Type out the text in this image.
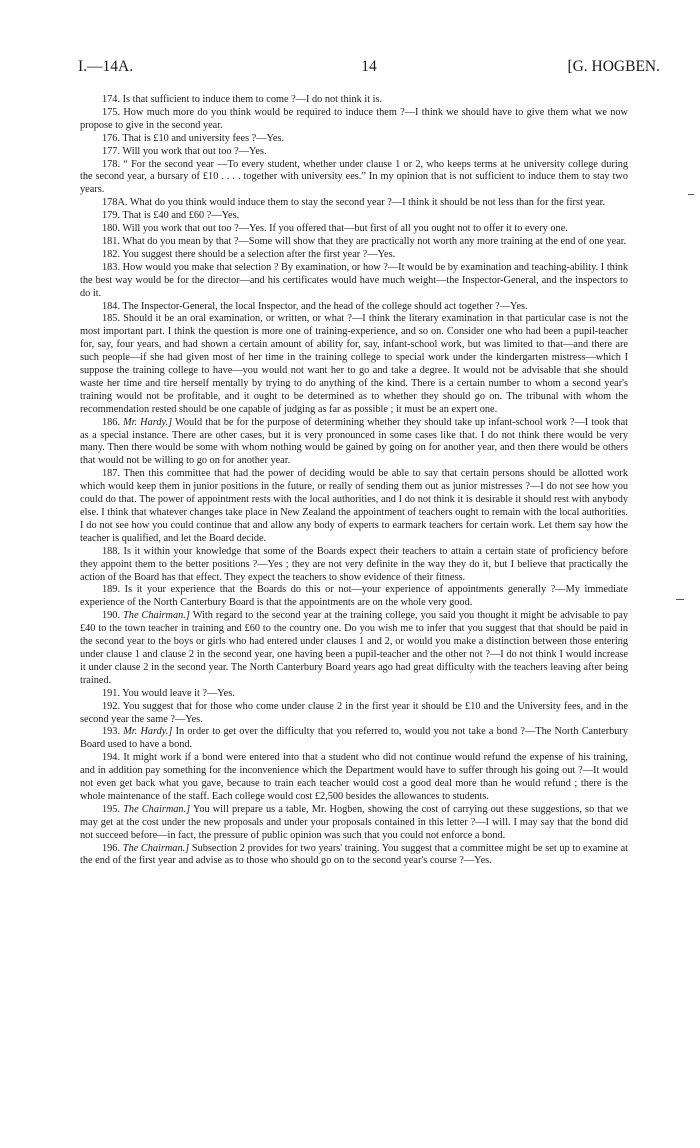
I.—14A.	14	[G. HOGBEN.

174. Is that sufficient to induce them to come ?—I do not think it is.

175. How much more do you think would be required to induce them ?—I think we should have to give them what we now propose to give in the second year.

176. That is £10 and university fees ?—Yes.

177. Will you work that out too ?—Yes.

178. “ For the second year —To every student, whether under clause 1 or 2, who keeps terms at he university college during the second year, a bursary of £10 . . . . together with university ees.” In my opinion that is not sufficient to induce them to stay two years.

178A. What do you think would induce them to stay the second year ?—I think it should be not less than for the first year.

179. That is £40 and £60 ?—Yes.

180. Will you work that out too ?—Yes. If you offered that—but first of all you ought not to offer it to every one.

181. What do you mean by that ?—Some will show that they are practically not worth any more training at the end of one year.

182. You suggest there should be a selection after the first year ?—Yes.

183. How would you make that selection ? By examination, or how ?—It would be by examination and teaching-ability. I think the best way would be for the director—and his certificates would have much weight—the Inspector-General, and the inspectors to do it.

184. The Inspector-General, the local Inspector, and the head of the college should act together ?—Yes.

185. Should it be an oral examination, or written, or what ?—I think the literary examination in that particular case is not the most important part. I think the question is more one of training-experience, and so on. Consider one who had been a pupil-teacher for, say, four years, and had shown a certain amount of ability for, say, infant-school work, but was limited to that—and there are such people—if she had given most of her time in the training college to special work under the kindergarten mistress—which I suppose the training college to have—you would not want her to go and take a degree. It would not be advisable that she should waste her time and tire herself mentally by trying to do anything of the kind. There is a certain number to whom a second year's training would not be profitable, and it ought to be determined as to whether they should go on. The tribunal with whom the recommendation rested should be one capable of judging as far as possible ; it must be an expert one.

186. Mr. Hardy.] Would that be for the purpose of determining whether they should take up infant-school work ?—I took that as a special instance. There are other cases, but it is very pronounced in some cases like that. I do not think there would be very many. Then there would be some with whom nothing would be gained by going on for another year, and then there would be others that would not be willing to go on for another year.

187. Then this committee that had the power of deciding would be able to say that certain persons should be allotted work which would keep them in junior positions in the future, or really of sending them out as junior mistresses ?—I do not see how you could do that. The power of appointment rests with the local authorities, and I do not think it is desirable it should rest with anybody else. I think that whatever changes take place in New Zealand the appointment of teachers ought to remain with the local authorities. I do not see how you could continue that and allow any body of experts to earmark teachers for certain work. Let them say how the teacher is qualified, and let the Board decide.

188. Is it within your knowledge that some of the Boards expect their teachers to attain a certain state of proficiency before they appoint them to the better positions ?—Yes ; they are not very definite in the way they do it, but I believe that practically the action of the Board has that effect. They expect the teachers to show evidence of their fitness.

189. Is it your experience that the Boards do this or not—your experience of appointments generally ?—My immediate experience of the North Canterbury Board is that the appointments are on the whole very good.

190. The Chairman.] With regard to the second year at the training college, you said you thought it might be advisable to pay £40 to the town teacher in training and £60 to the country one. Do you wish me to infer that you suggest that that should be paid in the second year to the boys or girls who had entered under clauses 1 and 2, or would you make a distinction between those entering under clause 1 and clause 2 in the second year, one having been a pupil-teacher and the other not ?—I do not think I would increase it under clause 2 in the second year. The North Canterbury Board years ago had great difficulty with the teachers leaving after being trained.

191. You would leave it ?—Yes.

192. You suggest that for those who come under clause 2 in the first year it should be £10 and the University fees, and in the second year the same ?—Yes.

193. Mr. Hardy.] In order to get over the difficulty that you referred to, would you not take a bond ?—The North Canterbury Board used to have a bond.

194. It might work if a bond were entered into that a student who did not continue would refund the expense of his training, and in addition pay something for the inconvenience which the Department would have to suffer through his going out ?—It would not even get back what you gave, because to train each teacher would cost a good deal more than he would refund ; there is the whole maintenance of the staff. Each college would cost £2,500 besides the allowances to students.

195. The Chairman.] You will prepare us a table, Mr. Hogben, showing the cost of carrying out these suggestions, so that we may get at the cost under the new proposals and under your proposals contained in this letter ?—I will. I may say that the bond did not succeed before—in fact, the pressure of public opinion was such that you could not enforce a bond.

196. The Chairman.] Subsection 2 provides for two years' training. You suggest that a committee might be set up to examine at the end of the first year and advise as to those who should go on to the second year's course ?—Yes.
